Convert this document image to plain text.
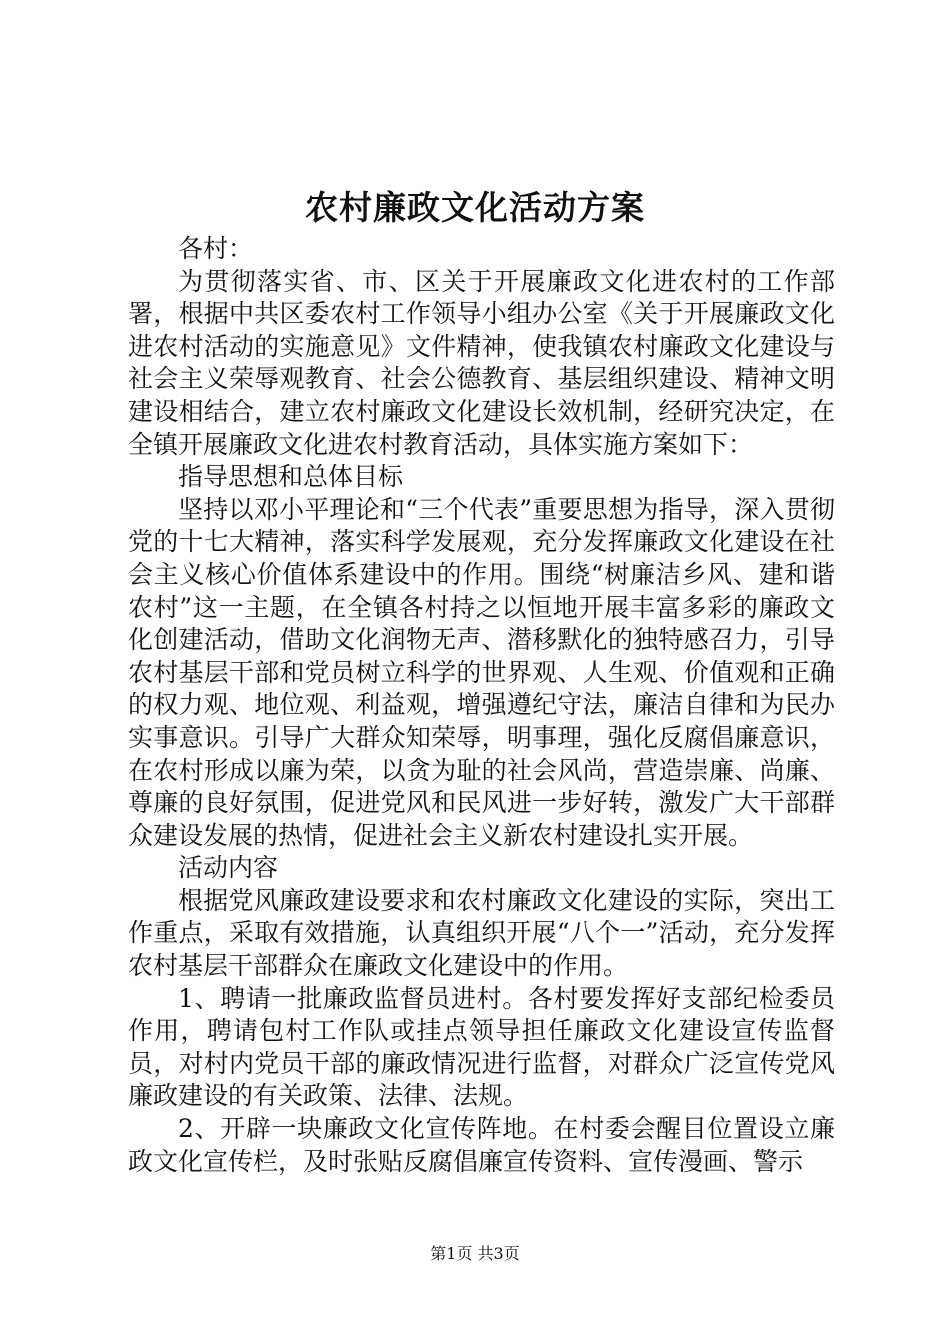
农村廉政文化活动方案

各村：

为贯彻落实省、市、区关于开展廉政文化进农村的工作部署，根据中共区委农村工作领导小组办公室《关于开展廉政文化进农村活动的实施意见》文件精神，使我镇农村廉政文化建设与社会主义荣辱观教育、社会公德教育、基层组织建设、精神文明建设相结合，建立农村廉政文化建设长效机制，经研究决定，在全镇开展廉政文化进农村教育活动，具体实施方案如下：

指导思想和总体目标

坚持以邓小平理论和“三个代表”重要思想为指导，深入贯彻党的十七大精神，落实科学发展观，充分发挥廉政文化建设在社会主义核心价值体系建设中的作用。围绕“树廉洁乡风、建和谐农村”这一主题，在全镇各村持之以恒地开展丰富多彩的廉政文化创建活动，借助文化润物无声、潜移默化的独特感召力，引导农村基层干部和党员树立科学的世界观、人生观、价值观和正确的权力观、地位观、利益观，增强遵纪守法，廉洁自律和为民办实事意识。引导广大群众知荣辱，明事理，强化反腐倡廉意识，在农村形成以廉为荣，以贪为耻的社会风尚，营造崇廉、尚廉、尊廉的良好氛围，促进党风和民风进一步好转，激发广大干部群众建设发展的热情，促进社会主义新农村建设扎实开展。

活动内容

根据党风廉政建设要求和农村廉政文化建设的实际，突出工作重点，采取有效措施，认真组织开展“八个一”活动，充分发挥农村基层干部群众在廉政文化建设中的作用。

1、聘请一批廉政监督员进村。各村要发挥好支部纪检委员作用，聘请包村工作队或挂点领导担任廉政文化建设宣传监督员，对村内党员干部的廉政情况进行监督，对群众广泛宣传党风廉政建设的有关政策、法律、法规。

2、开辟一块廉政文化宣传阵地。在村委会醒目位置设立廉政文化宣传栏，及时张贴反腐倡廉宣传资料、宣传漫画、警示

第1页 共3页
